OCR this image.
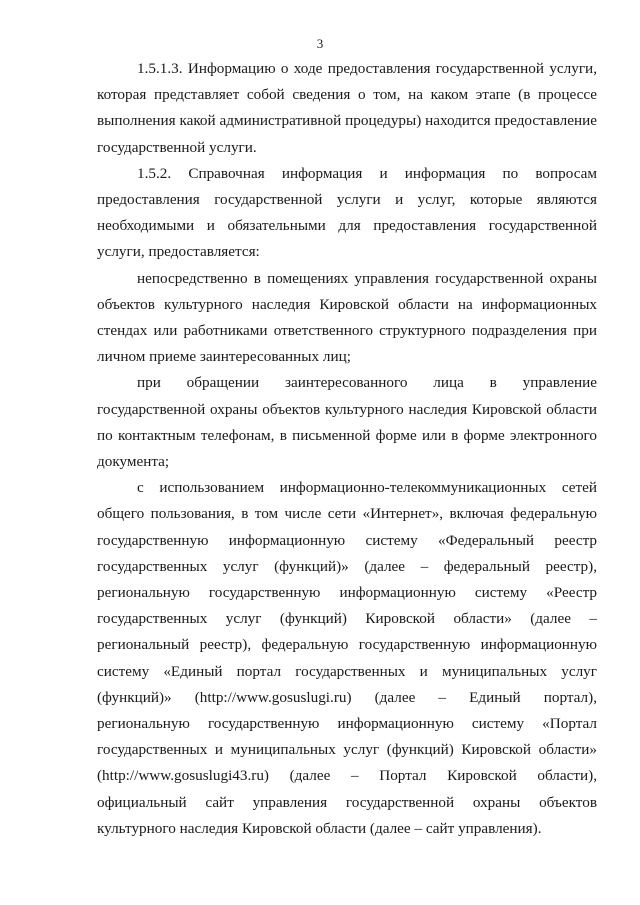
3

1.5.1.3. Информацию о ходе предоставления государственной услуги, которая представляет собой сведения о том, на каком этапе (в процессе выполнения какой административной процедуры) находится предоставление государственной услуги.

1.5.2. Справочная информация и информация по вопросам предоставления государственной услуги и услуг, которые являются необходимыми и обязательными для предоставления государственной услуги, предоставляется:

непосредственно в помещениях управления государственной охраны объектов культурного наследия Кировской области на информационных стендах или работниками ответственного структурного подразделения при личном приеме заинтересованных лиц;

при обращении заинтересованного лица в управление государственной охраны объектов культурного наследия Кировской области по контактным телефонам, в письменной форме или в форме электронного документа;

с использованием информационно-телекоммуникационных сетей общего пользования, в том числе сети «Интернет», включая федеральную государственную информационную систему «Федеральный реестр государственных услуг (функций)» (далее – федеральный реестр), региональную государственную информационную систему «Реестр государственных услуг (функций) Кировской области» (далее – региональный реестр), федеральную государственную информационную систему «Единый портал государственных и муниципальных услуг (функций)» (http://www.gosuslugi.ru) (далее – Единый портал), региональную государственную информационную систему «Портал государственных и муниципальных услуг (функций) Кировской области» (http://www.gosuslugi43.ru) (далее – Портал Кировской области), официальный сайт управления государственной охраны объектов культурного наследия Кировской области (далее – сайт управления).
